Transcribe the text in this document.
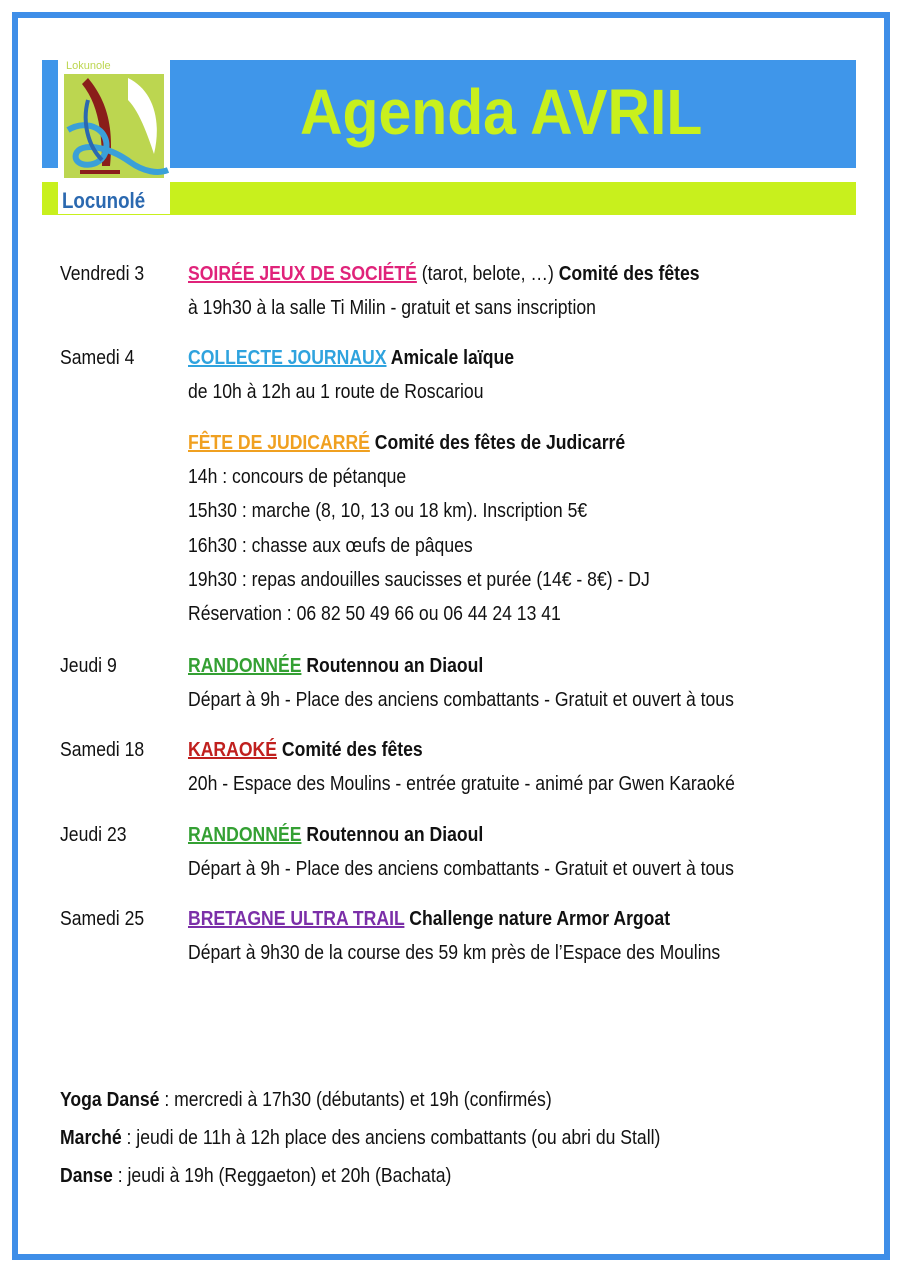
Lokunole
Locunolé
Agenda AVRIL
Vendredi 3 SOIRÉE JEUX DE SOCIÉTÉ (tarot, belote, …) Comité des fêtes
à 19h30 à la salle Ti Milin - gratuit et sans inscription
Samedi 4	COLLECTE JOURNAUX Amicale laïque
de 10h à 12h au 1 route de Roscariou
FÊTE DE JUDICARRÉ Comité des fêtes de Judicarré
14h : concours de pétanque
15h30 : marche (8, 10, 13 ou 18 km). Inscription 5€
16h30 : chasse aux œufs de pâques
19h30 : repas andouilles saucisses et purée (14€ - 8€) - DJ
Réservation : 06 82 50 49 66 ou 06 44 24 13 41
Jeudi 9	RANDONNÉE Routennou an Diaoul
Départ à 9h - Place des anciens combattants - Gratuit et ouvert à tous
Samedi 18 KARAOKÉ Comité des fêtes
20h - Espace des Moulins - entrée gratuite - animé par Gwen Karaoké
Jeudi 23	RANDONNÉE Routennou an Diaoul
Départ à 9h - Place des anciens combattants - Gratuit et ouvert à tous
Samedi 25 BRETAGNE ULTRA TRAIL Challenge nature Armor Argoat
Départ à 9h30 de la course des 59 km près de l’Espace des Moulins
Yoga Dansé : mercredi à 17h30 (débutants) et 19h (confirmés)
Marché : jeudi de 11h à 12h place des anciens combattants (ou abri du Stall)
Danse : jeudi à 19h (Reggaeton) et 20h (Bachata)
